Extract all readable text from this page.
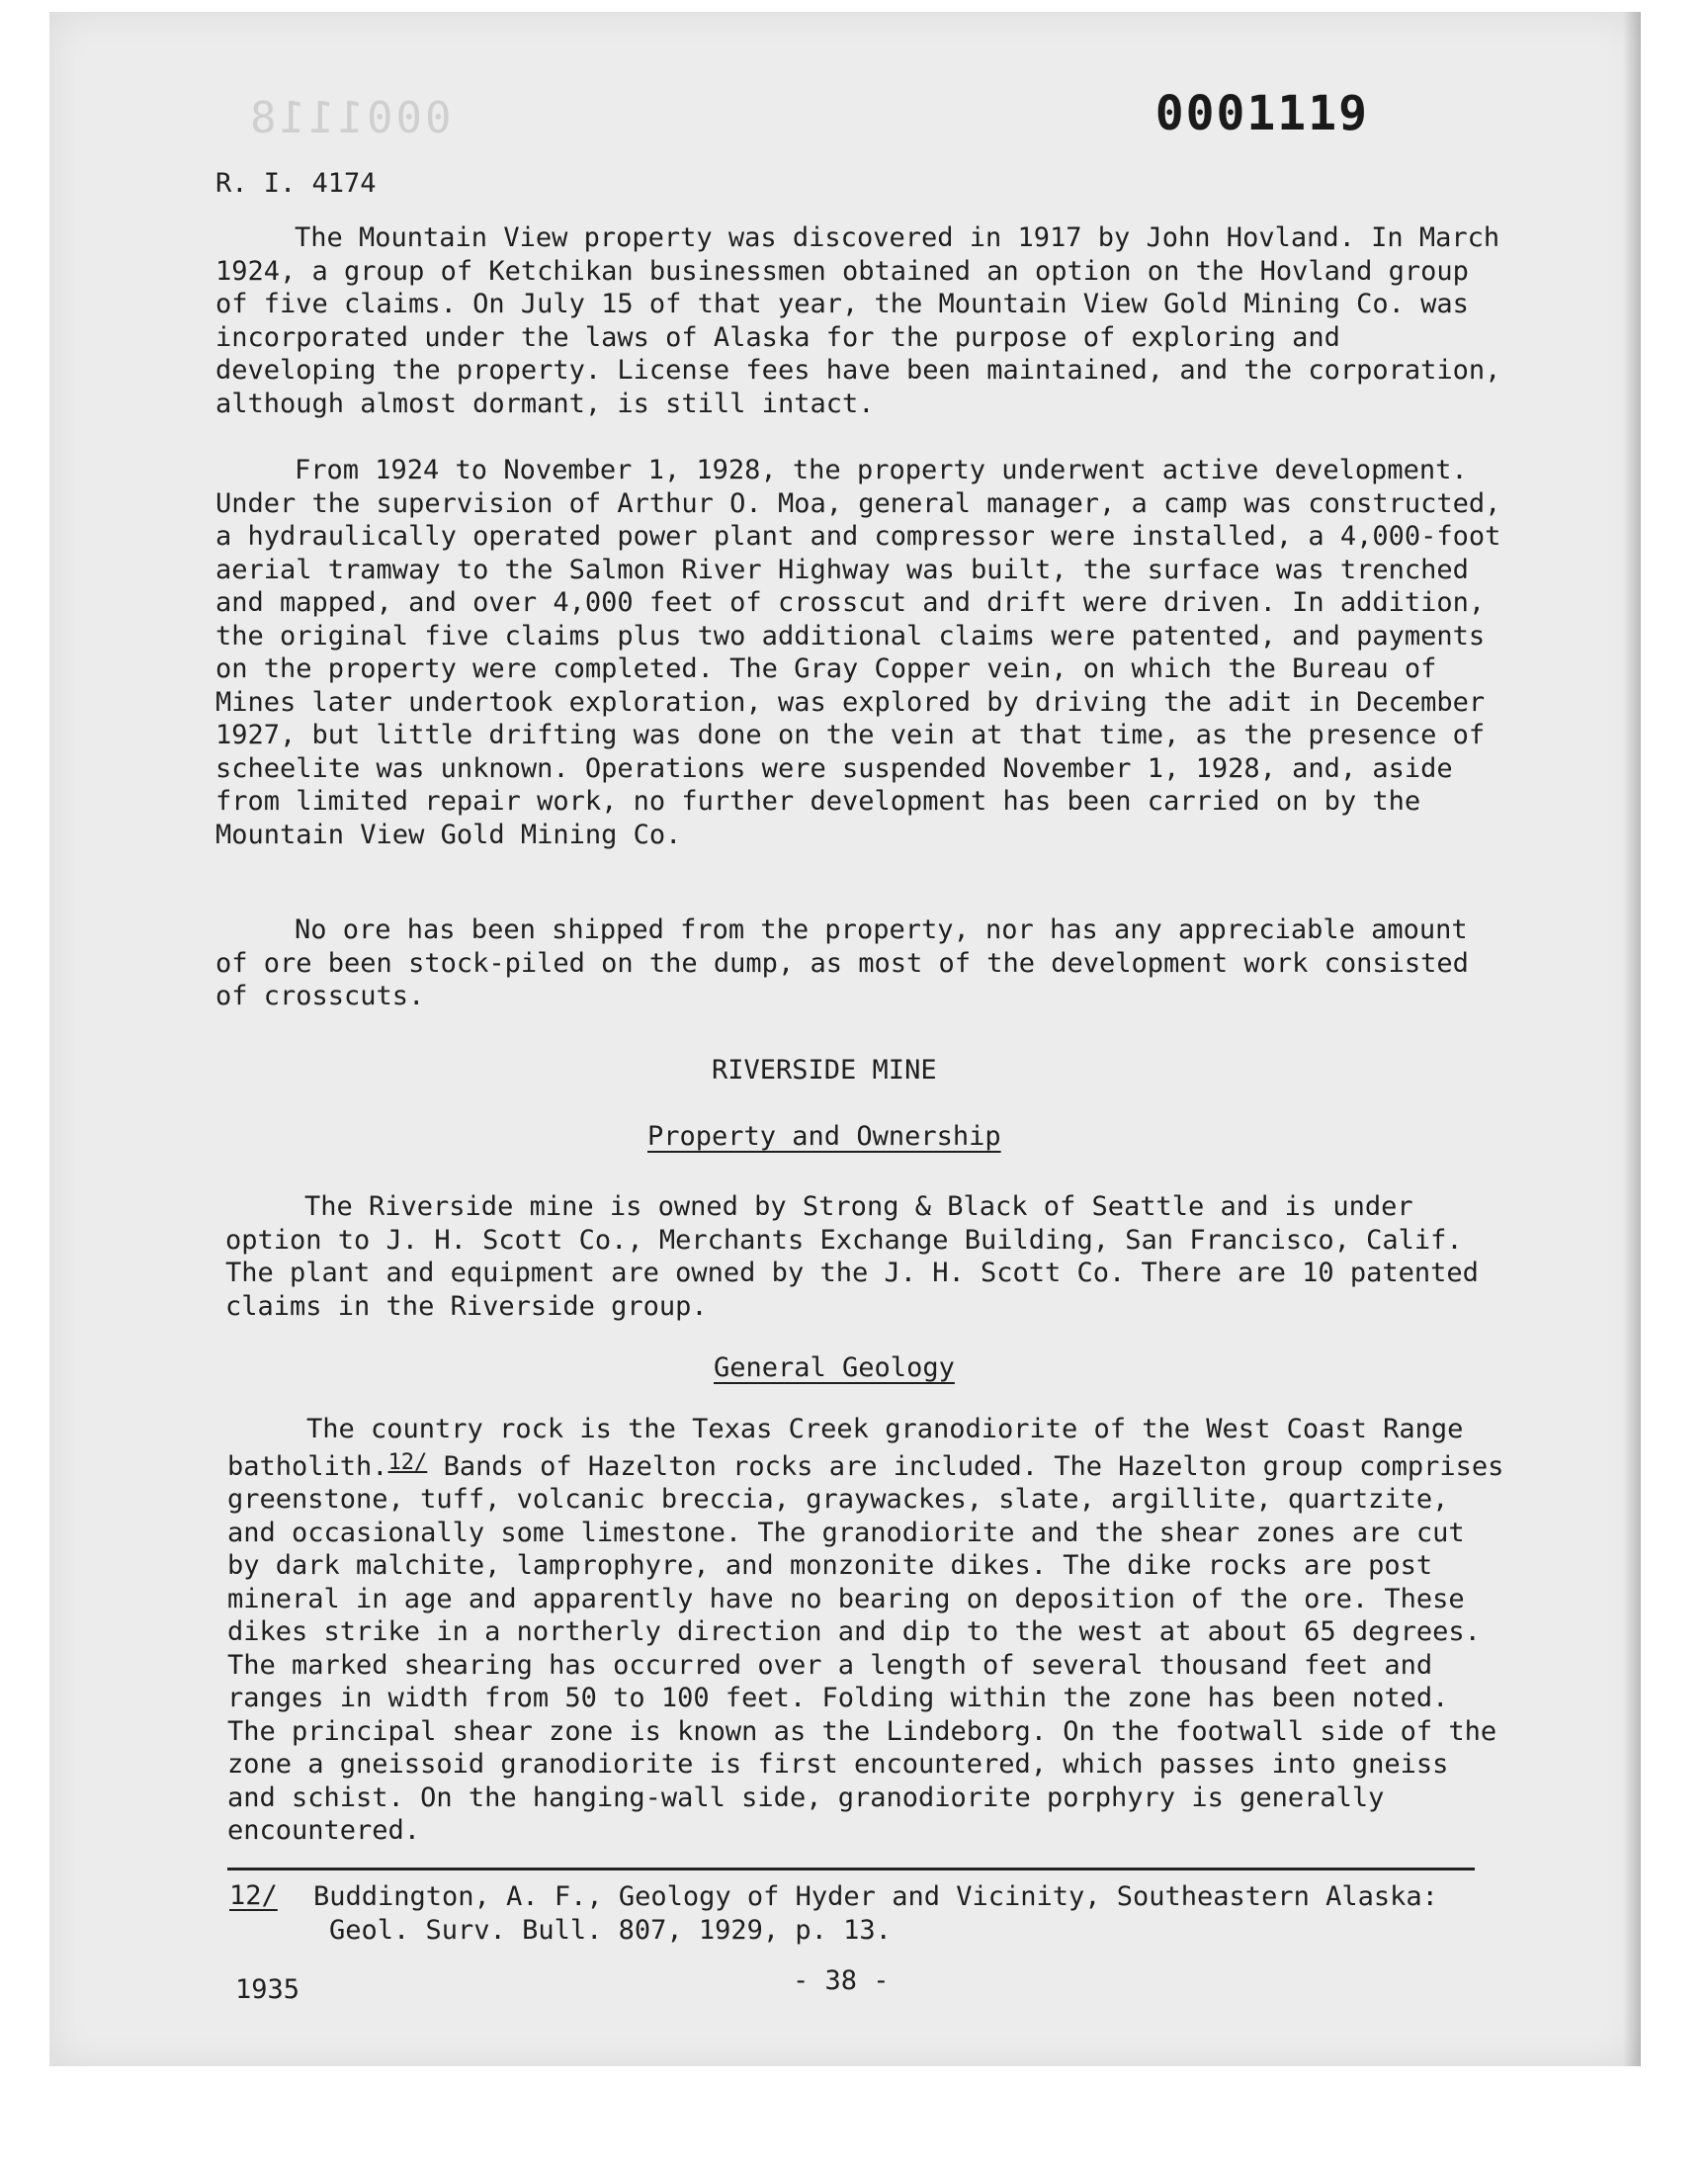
0001118	0001119
R. I. 4174

The Mountain View property was discovered in 1917 by John Hovland. In March 1924, a group of Ketchikan businessmen obtained an option on the Hovland group of five claims. On July 15 of that year, the Mountain View Gold Mining Co. was incorporated under the laws of Alaska for the purpose of exploring and developing the property. License fees have been maintained, and the corporation, although almost dormant, is still intact.

From 1924 to November 1, 1928, the property underwent active development. Under the supervision of Arthur O. Moa, general manager, a camp was constructed, a hydraulically operated power plant and compressor were installed, a 4,000-foot aerial tramway to the Salmon River Highway was built, the surface was trenched and mapped, and over 4,000 feet of crosscut and drift were driven. In addition, the original five claims plus two additional claims were patented, and payments on the property were completed. The Gray Copper vein, on which the Bureau of Mines later undertook exploration, was explored by driving the adit in December 1927, but little drifting was done on the vein at that time, as the presence of scheelite was unknown. Operations were suspended November 1, 1928, and, aside from limited repair work, no further development has been carried on by the Mountain View Gold Mining Co.

No ore has been shipped from the property, nor has any appreciable amount of ore been stock-piled on the dump, as most of the development work consisted of crosscuts.

RIVERSIDE MINE
Property and Ownership

The Riverside mine is owned by Strong & Black of Seattle and is under option to J. H. Scott Co., Merchants Exchange Building, San Francisco, Calif. The plant and equipment are owned by the J. H. Scott Co. There are 10 patented claims in the Riverside group.

General Geology

The country rock is the Texas Creek granodiorite of the West Coast Range batholith.$^{12/}$ Bands of Hazelton rocks are included. The Hazelton group comprises greenstone, tuff, volcanic breccia, graywackes, slate, argillite, quartzite, and occasionally some limestone. The granodiorite and the shear zones are cut by dark malchite, lamprophyre, and monzonite dikes. The dike rocks are post mineral in age and apparently have no bearing on deposition of the ore. These dikes strike in a northerly direction and dip to the west at about 65 degrees. The marked shearing has occurred over a length of several thousand feet and ranges in width from 50 to 100 feet. Folding within the zone has been noted. The principal shear zone is known as the Lindeborg. On the footwall side of the zone a gneissoid granodiorite is first encountered, which passes into gneiss and schist. On the hanging-wall side, granodiorite porphyry is generally encountered.

12/ Buddington, A. F., Geology of Hyder and Vicinity, Southeastern Alaska:
Geol. Surv. Bull. 807, 1929, p. 13.
1935	- 38 -
